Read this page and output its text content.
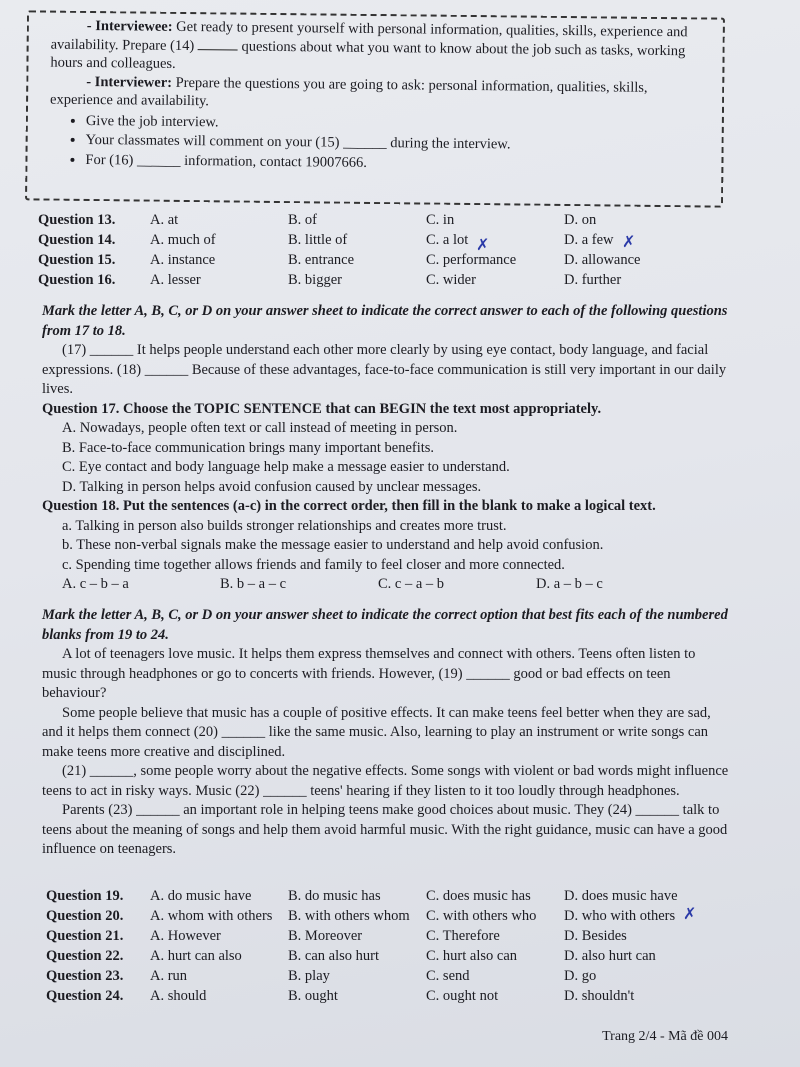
- Interviewee: Get ready to present yourself with personal information, qualities, skills, experience and availability. Prepare (14)	questions about what you want to know about the job such as tasks, working hours and colleagues.

- Interviewer: Prepare the questions you are going to ask: personal information, qualities, skills, experience and availability.

• Give the job interview.
• Your classmates will comment on your (15) ______ during the interview.
• For (16) ______ information, contact 19007666.
Question 13.	A. at	B. of	C. in	D. on
Question 14.	A. much of	B. little of	C. a lot	D. a few
Question 15.	A. instance	B. entrance	C. performance	D. allowance
Question 16.	A. lesser	B. bigger	C. wider	D. further
✗	✗

Mark the letter A, B, C, or D on your answer sheet to indicate the correct answer to each of the following questions from 17 to 18.

(17) ______ It helps people understand each other more clearly by using eye contact, body language, and facial expressions. (18) ______ Because of these advantages, face-to-face communication is still very important in our daily lives.

Question 17. Choose the TOPIC SENTENCE that can BEGIN the text most appropriately.

A. Nowadays, people often text or call instead of meeting in person.

B. Face-to-face communication brings many important benefits.

C. Eye contact and body language help make a message easier to understand.

D. Talking in person helps avoid confusion caused by unclear messages.

Question 18. Put the sentences (a-c) in the correct order, then fill in the blank to make a logical text.

a. Talking in person also builds stronger relationships and creates more trust.

b. These non-verbal signals make the message easier to understand and help avoid confusion.

c. Spending time together allows friends and family to feel closer and more connected.

A. c – b – a	B. b – a – c	C. c – a – b	D. a – b – c

Mark the letter A, B, C, or D on your answer sheet to indicate the correct option that best fits each of the numbered blanks from 19 to 24.

A lot of teenagers love music. It helps them express themselves and connect with others. Teens often listen to music through headphones or go to concerts with friends. However, (19) ______ good or bad effects on teen behaviour?

Some people believe that music has a couple of positive effects. It can make teens feel better when they are sad, and it helps them connect (20) ______ like the same music. Also, learning to play an instrument or write songs can make teens more creative and disciplined.

(21) ______, some people worry about the negative effects. Some songs with violent or bad words might influence teens to act in risky ways. Music (22) ______ teens' hearing if they listen to it too loudly through headphones.

Parents (23) ______ an important role in helping teens make good choices about music. They (24) ______ talk to teens about the meaning of songs and help them avoid harmful music. With the right guidance, music can have a good influence on teenagers.

Question 19.	A. do music have	B. do music has	C. does music has	D. does music have
Question 20.	A. whom with others	B. with others whom	C. with others who	D. who with others
Question 21.	A. However	B. Moreover	C. Therefore	D. Besides
Question 22.	A. hurt can also	B. can also hurt	C. hurt also can	D. also hurt can
Question 23.	A. run	B. play	C. send	D. go
Question 24.	A. should	B. ought	C. ought not	D. shouldn't
✗
Trang 2/4 - Mã đề 004
